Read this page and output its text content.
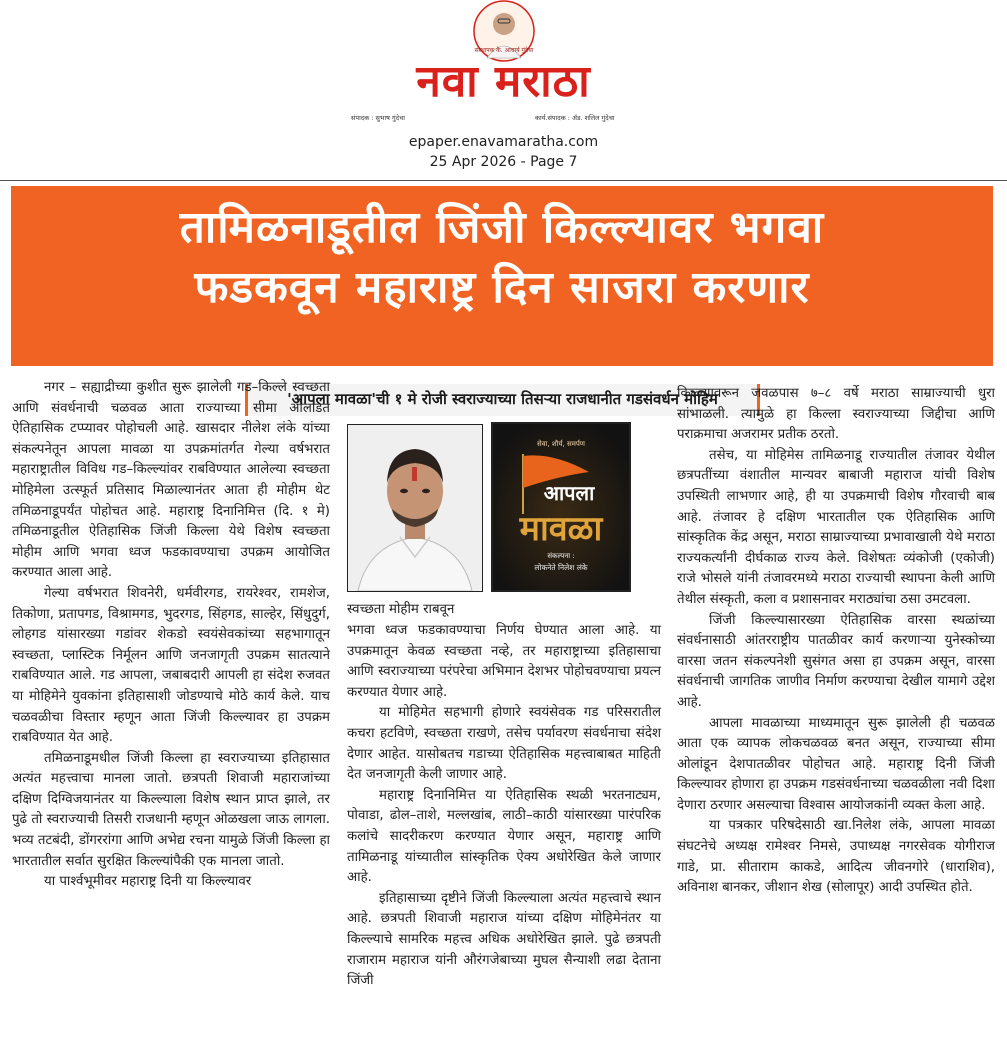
संस्थापक कै. आचार्य गुंदेचा
नवा मराठा
संपादक : सुभाष गुंदेचा	कार्य.संपादक : ॲड. शलिल गुंदेचा
epaper.enavamaratha.com
25 Apr 2026 - Page 7
तामिळनाडूतील जिंजी किल्ल्यावर भगवा
फडकवून महाराष्ट्र दिन साजरा करणार
'आपला मावळा'ची १ मे रोजी स्वराज्याच्या तिसऱ्या राजधानीत गडसंवर्धन मोहिम

नगर – सह्याद्रीच्या कुशीत सुरू झालेली गड–किल्ले स्वच्छता आणि संवर्धनाची चळवळ आता राज्याच्या सीमा ओलांडत ऐतिहासिक टप्प्यावर पोहोचली आहे. खासदार नीलेश लंके यांच्या संकल्पनेतून आपला मावळा या उपक्रमांतर्गत गेल्या वर्षभरात महाराष्ट्रातील विविध गड–किल्ल्यांवर राबविण्यात आलेल्या स्वच्छता मोहिमेला उत्स्फूर्त प्रतिसाद मिळाल्यानंतर आता ही मोहीम थेट तमिळनाडूपर्यंत पोहोचत आहे. महाराष्ट्र दिनानिमित्त (दि. १ मे) तमिळनाडूतील ऐतिहासिक जिंजी किल्ला येथे विशेष स्वच्छता मोहीम आणि भगवा ध्वज फडकावण्याचा उपक्रम आयोजित करण्यात आला आहे.

गेल्या वर्षभरात शिवनेरी, धर्मवीरगड, रायरेश्वर, रामशेज, तिकोणा, प्रतापगड, विश्रामगड, भुदरगड, सिंहगड, साल्हेर, सिंधुदुर्ग, लोहगड यांसारख्या गडांवर शेकडो स्वयंसेवकांच्या सहभागातून स्वच्छता, प्लास्टिक निर्मूलन आणि जनजागृती उपक्रम सातत्याने राबविण्यात आले. गड आपला, जबाबदारी आपली हा संदेश रुजवत या मोहिमेने युवकांना इतिहासाशी जोडण्याचे मोठे कार्य केले. याच चळवळीचा विस्तार म्हणून आता जिंजी किल्ल्यावर हा उपक्रम राबविण्यात येत आहे.

तमिळनाडूमधील जिंजी किल्ला हा स्वराज्याच्या इतिहासात अत्यंत महत्त्वाचा मानला जातो. छत्रपती शिवाजी महाराजांच्या दक्षिण दिग्विजयानंतर या किल्ल्याला विशेष स्थान प्राप्त झाले, तर पुढे तो स्वराज्याची तिसरी राजधानी म्हणून ओळखला जाऊ लागला. भव्य तटबंदी, डोंगररांगा आणि अभेद्य रचना यामुळे जिंजी किल्ला हा भारतातील सर्वात सुरक्षित किल्ल्यांपैकी एक मानला जातो.

या पार्श्वभूमीवर महाराष्ट्र दिनी या किल्ल्यावर

सेवा, शौर्य, समर्पण
आपला
मावळा
संकल्पना :
लोकनेते निलेश लंके
स्वच्छता मोहीम राबवून

भगवा ध्वज फडकावण्याचा निर्णय घेण्यात आला आहे. या उपक्रमातून केवळ स्वच्छता नव्हे, तर महाराष्ट्राच्या इतिहासाचा आणि स्वराज्याच्या परंपरेचा अभिमान देशभर पोहोचवण्याचा प्रयत्न करण्यात येणार आहे.

या मोहिमेत सहभागी होणारे स्वयंसेवक गड परिसरातील कचरा हटविणे, स्वच्छता राखणे, तसेच पर्यावरण संवर्धनाचा संदेश देणार आहेत. यासोबतच गडाच्या ऐतिहासिक महत्त्वाबाबत माहिती देत जनजागृती केली जाणार आहे.

महाराष्ट्र दिनानिमित्त या ऐतिहासिक स्थळी भरतनाट्यम, पोवाडा, ढोल–ताशे, मल्लखांब, लाठी–काठी यांसारख्या पारंपरिक कलांचे सादरीकरण करण्यात येणार असून, महाराष्ट्र आणि तामिळनाडू यांच्यातील सांस्कृतिक ऐक्य अधोरेखित केले जाणार आहे.

इतिहासाच्या दृष्टीने जिंजी किल्ल्याला अत्यंत महत्त्वाचे स्थान आहे. छत्रपती शिवाजी महाराज यांच्या दक्षिण मोहिमेनंतर या किल्ल्याचे सामरिक महत्त्व अधिक अधोरेखित झाले. पुढे छत्रपती राजाराम महाराज यांनी औरंगजेबाच्या मुघल सैन्याशी लढा देताना जिंजी

किल्ल्यावरून जवळपास ७–८ वर्षे मराठा साम्राज्याची धुरा सांभाळली. त्यामुळे हा किल्ला स्वराज्याच्या जिद्दीचा आणि पराक्रमाचा अजरामर प्रतीक ठरतो.

तसेच, या मोहिमेस तामिळनाडू राज्यातील तंजावर येथील छत्रपतींच्या वंशातील मान्यवर बाबाजी महाराज यांची विशेष उपस्थिती लाभणार आहे, ही या उपक्रमाची विशेष गौरवाची बाब आहे. तंजावर हे दक्षिण भारतातील एक ऐतिहासिक आणि सांस्कृतिक केंद्र असून, मराठा साम्राज्याच्या प्रभावाखाली येथे मराठा राज्यकर्त्यांनी दीर्घकाळ राज्य केले. विशेषतः व्यंकोजी (एकोजी) राजे भोसले यांनी तंजावरमध्ये मराठा राज्याची स्थापना केली आणि तेथील संस्कृती, कला व प्रशासनावर मराठ्यांचा ठसा उमटवला.

जिंजी किल्ल्यासारख्या ऐतिहासिक वारसा स्थळांच्या संवर्धनासाठी आंतरराष्ट्रीय पातळीवर कार्य करणाऱ्या युनेस्कोच्या वारसा जतन संकल्पनेशी सुसंगत असा हा उपक्रम असून, वारसा संवर्धनाची जागतिक जाणीव निर्माण करण्याचा देखील यामागे उद्देश आहे.

आपला मावळाच्या माध्यमातून सुरू झालेली ही चळवळ आता एक व्यापक लोकचळवळ बनत असून, राज्याच्या सीमा ओलांडून देशपातळीवर पोहोचत आहे. महाराष्ट्र दिनी जिंजी किल्ल्यावर होणारा हा उपक्रम गडसंवर्धनाच्या चळवळीला नवी दिशा देणारा ठरणार असल्याचा विश्वास आयोजकांनी व्यक्त केला आहे.

या पत्रकार परिषदेसाठी खा.निलेश लंके, आपला मावळा संघटनेचे अध्यक्ष रामेश्वर निमसे, उपाध्यक्ष नगरसेवक योगीराज गाडे, प्रा. सीताराम काकडे, आदित्य जीवनगोरे (धाराशिव), अविनाश बानकर, जीशान शेख (सोलापूर) आदी उपस्थित होते.
